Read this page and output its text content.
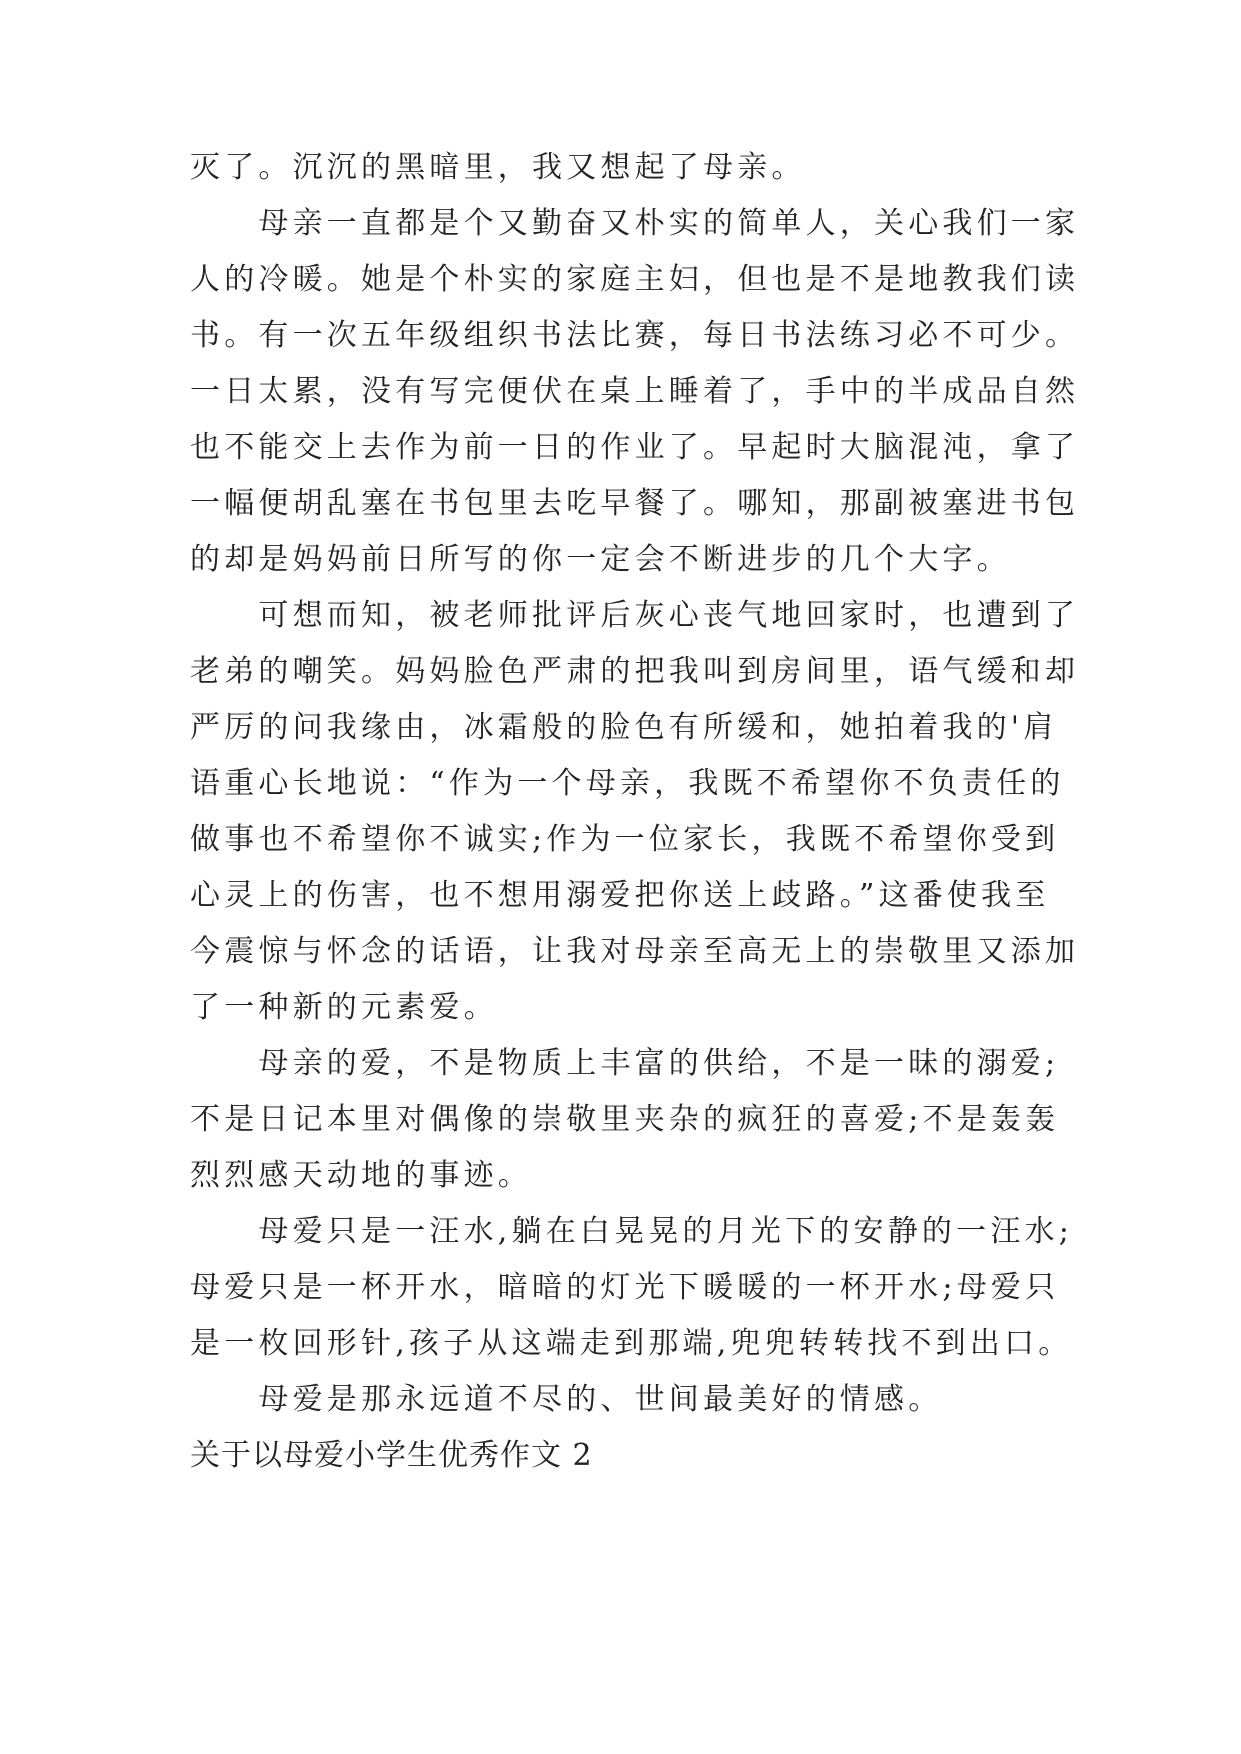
灭了。沉沉的黑暗里，我又想起了母亲。
　　母亲一直都是个又勤奋又朴实的简单人，关心我们一家
人的冷暖。她是个朴实的家庭主妇，但也是不是地教我们读
书。有一次五年级组织书法比赛，每日书法练习必不可少。
一日太累，没有写完便伏在桌上睡着了，手中的半成品自然
也不能交上去作为前一日的作业了。早起时大脑混沌，拿了
一幅便胡乱塞在书包里去吃早餐了。哪知，那副被塞进书包
的却是妈妈前日所写的你一定会不断进步的几个大字。
　　可想而知，被老师批评后灰心丧气地回家时，也遭到了
老弟的嘲笑。妈妈脸色严肃的把我叫到房间里，语气缓和却
严厉的问我缘由，冰霜般的脸色有所缓和，她拍着我的'肩
语重心长地说：“作为一个母亲，我既不希望你不负责任的
做事也不希望你不诚实;作为一位家长，我既不希望你受到
心灵上的伤害，也不想用溺爱把你送上歧路。”这番使我至
今震惊与怀念的话语，让我对母亲至高无上的崇敬里又添加
了一种新的元素爱。
　　母亲的爱，不是物质上丰富的供给，不是一昧的溺爱;
不是日记本里对偶像的崇敬里夹杂的疯狂的喜爱;不是轰轰
烈烈感天动地的事迹。
　　母爱只是一汪水,躺在白晃晃的月光下的安静的一汪水;
母爱只是一杯开水，暗暗的灯光下暖暖的一杯开水;母爱只
是一枚回形针,孩子从这端走到那端,兜兜转转找不到出口。
　　母爱是那永远道不尽的、世间最美好的情感。
关于以母爱小学生优秀作文 2
